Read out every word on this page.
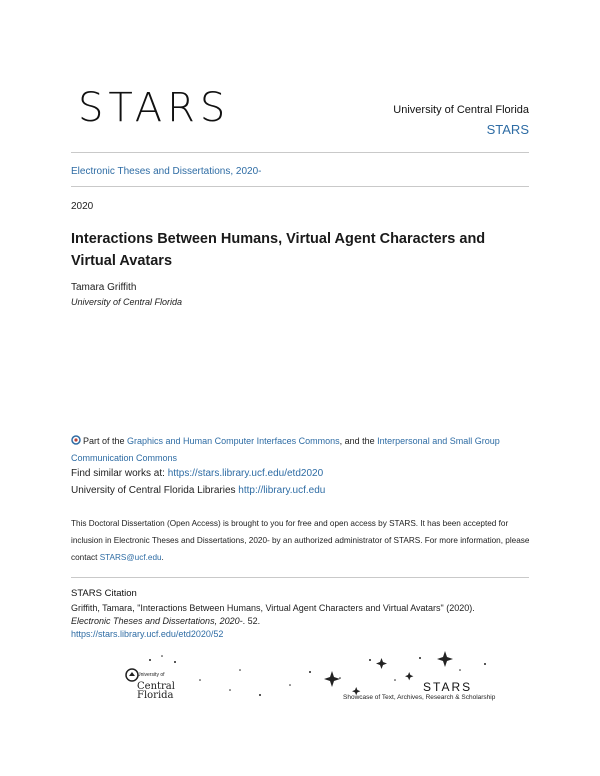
STARS	University of Central Florida
STARS
Electronic Theses and Dissertations, 2020-
2020
Interactions Between Humans, Virtual Agent Characters and Virtual Avatars
Tamara Griffith
University of Central Florida
Part of the Graphics and Human Computer Interfaces Commons, and the Interpersonal and Small Group Communication Commons
Find similar works at: https://stars.library.ucf.edu/etd2020
University of Central Florida Libraries http://library.ucf.edu
This Doctoral Dissertation (Open Access) is brought to you for free and open access by STARS. It has been accepted for inclusion in Electronic Theses and Dissertations, 2020- by an authorized administrator of STARS. For more information, please contact STARS@ucf.edu.
STARS Citation
Griffith, Tamara, "Interactions Between Humans, Virtual Agent Characters and Virtual Avatars" (2020).
Electronic Theses and Dissertations, 2020-. 52.
https://stars.library.ucf.edu/etd2020/52
University of
Central
Florida
STARS
Showcase of Text, Archives, Research & Scholarship
